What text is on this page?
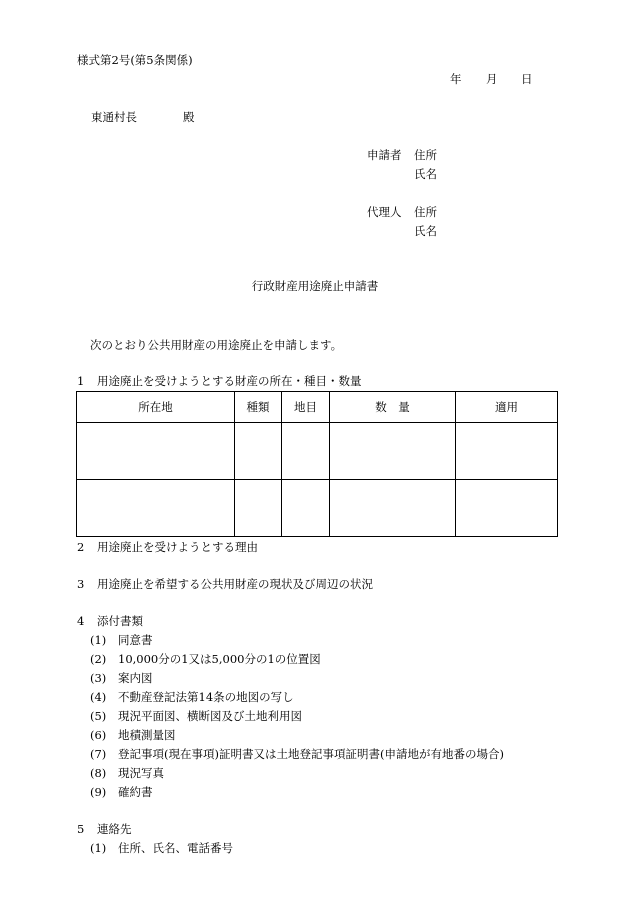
様式第2号(第5条関係)
年 月 日
東通村長	殿
申請者 住所
氏名
代理人 住所
氏名
行政財産用途廃止申請書
次のとおり公共用財産の用途廃止を申請します。
1 用途廃止を受けようとする財産の所在・種目・数量
所在地	種類	地目	数　量	適用

2 用途廃止を受けようとする理由
3 用途廃止を希望する公共用財産の現状及び周辺の状況
4 添付書類
(1) 同意書
(2) 10,000分の1又は5,000分の1の位置図
(3) 案内図
(4) 不動産登記法第14条の地図の写し
(5) 現況平面図、横断図及び土地利用図
(6) 地積測量図
(7) 登記事項(現在事項)証明書又は土地登記事項証明書(申請地が有地番の場合)
(8) 現況写真
(9) 確約書
5 連絡先
(1) 住所、氏名、電話番号
